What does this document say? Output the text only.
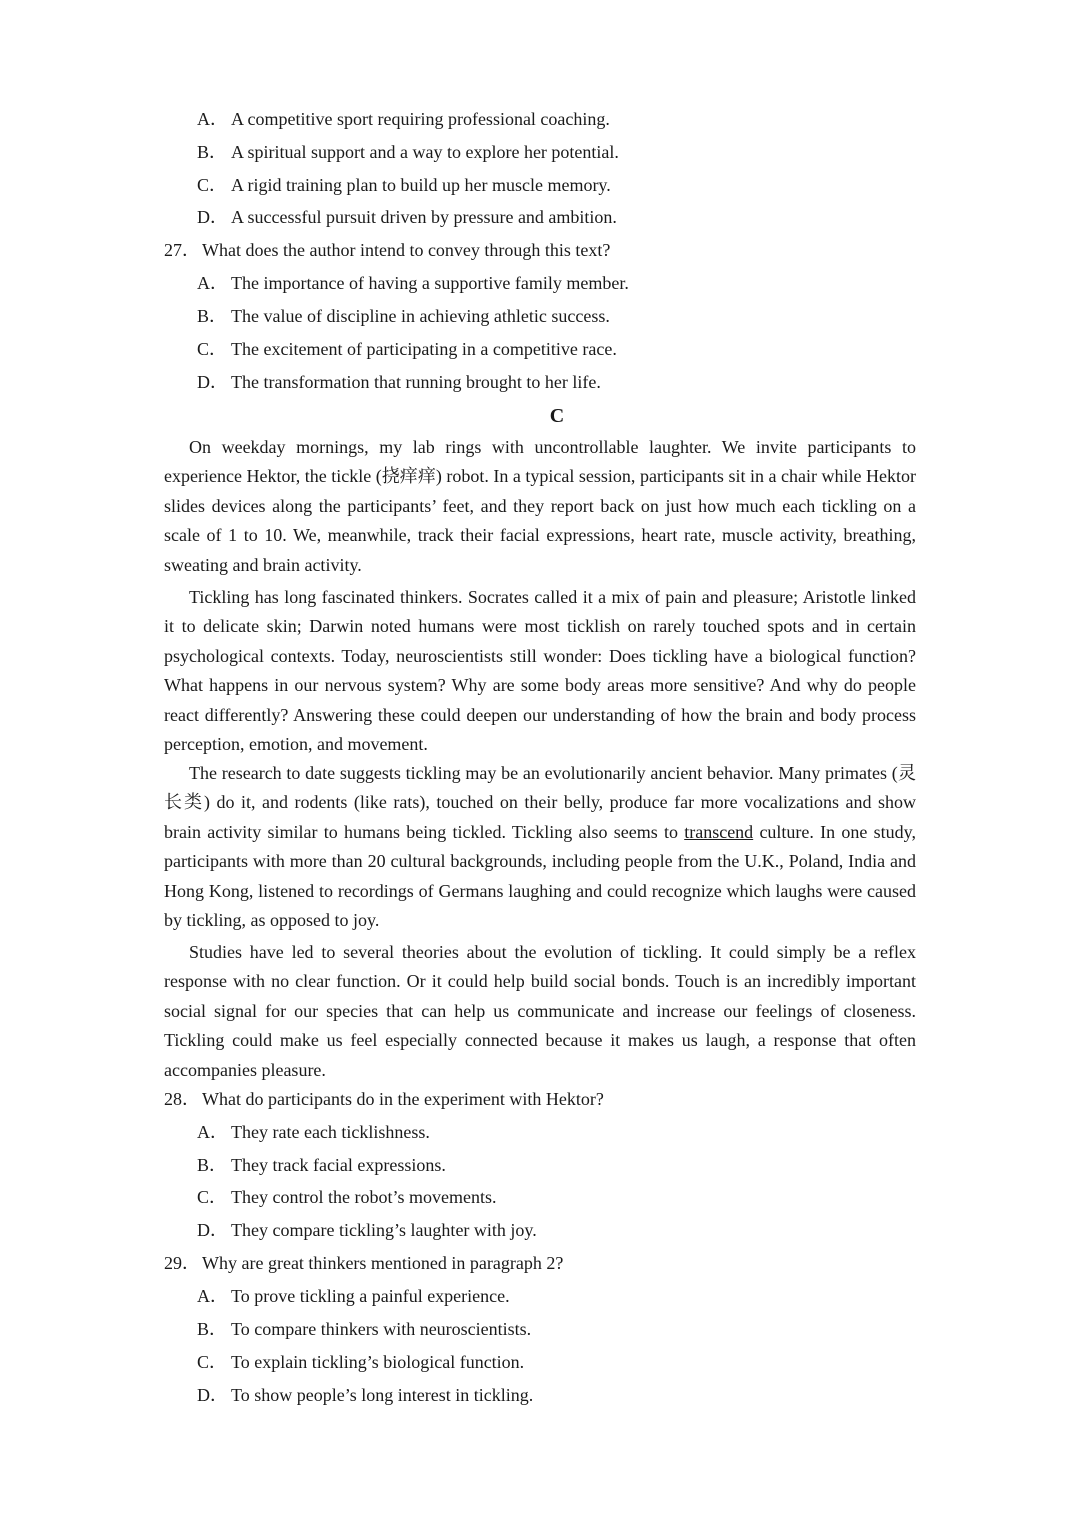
A． A competitive sport requiring professional coaching.
B． A spiritual support and a way to explore her potential.
C． A rigid training plan to build up her muscle memory.
D． A successful pursuit driven by pressure and ambition.
27． What does the author intend to convey through this text?
A． The importance of having a supportive family member.
B． The value of discipline in achieving athletic success.
C． The excitement of participating in a competitive race.
D． The transformation that running brought to her life.
C

On weekday mornings, my lab rings with uncontrollable laughter. We invite participants to experience Hektor, the tickle (挠痒痒) robot. In a typical session, participants sit in a chair while Hektor slides devices along the participants’ feet, and they report back on just how much each tickling on a scale of 1 to 10. We, meanwhile, track their facial expressions, heart rate, muscle activity, breathing, sweating and brain activity.

Tickling has long fascinated thinkers. Socrates called it a mix of pain and pleasure; Aristotle linked it to delicate skin; Darwin noted humans were most ticklish on rarely touched spots and in certain psychological contexts. Today, neuroscientists still wonder: Does tickling have a biological function? What happens in our nervous system? Why are some body areas more sensitive? And why do people react differently? Answering these could deepen our understanding of how the brain and body process perception, emotion, and movement.

The research to date suggests tickling may be an evolutionarily ancient behavior. Many primates (灵长类) do it, and rodents (like rats), touched on their belly, produce far more vocalizations and show brain activity similar to humans being tickled. Tickling also seems to transcend culture. In one study, participants with more than 20 cultural backgrounds, including people from the U.K., Poland, India and Hong Kong, listened to recordings of Germans laughing and could recognize which laughs were caused by tickling, as opposed to joy.

Studies have led to several theories about the evolution of tickling. It could simply be a reflex response with no clear function. Or it could help build social bonds. Touch is an incredibly important social signal for our species that can help us communicate and increase our feelings of closeness. Tickling could make us feel especially connected because it makes us laugh, a response that often accompanies pleasure.

28． What do participants do in the experiment with Hektor?
A． They rate each ticklishness.
B． They track facial expressions.
C． They control the robot’s movements.
D． They compare tickling’s laughter with joy.
29． Why are great thinkers mentioned in paragraph 2?
A． To prove tickling a painful experience.
B． To compare thinkers with neuroscientists.
C． To explain tickling’s biological function.
D． To show people’s long interest in tickling.
